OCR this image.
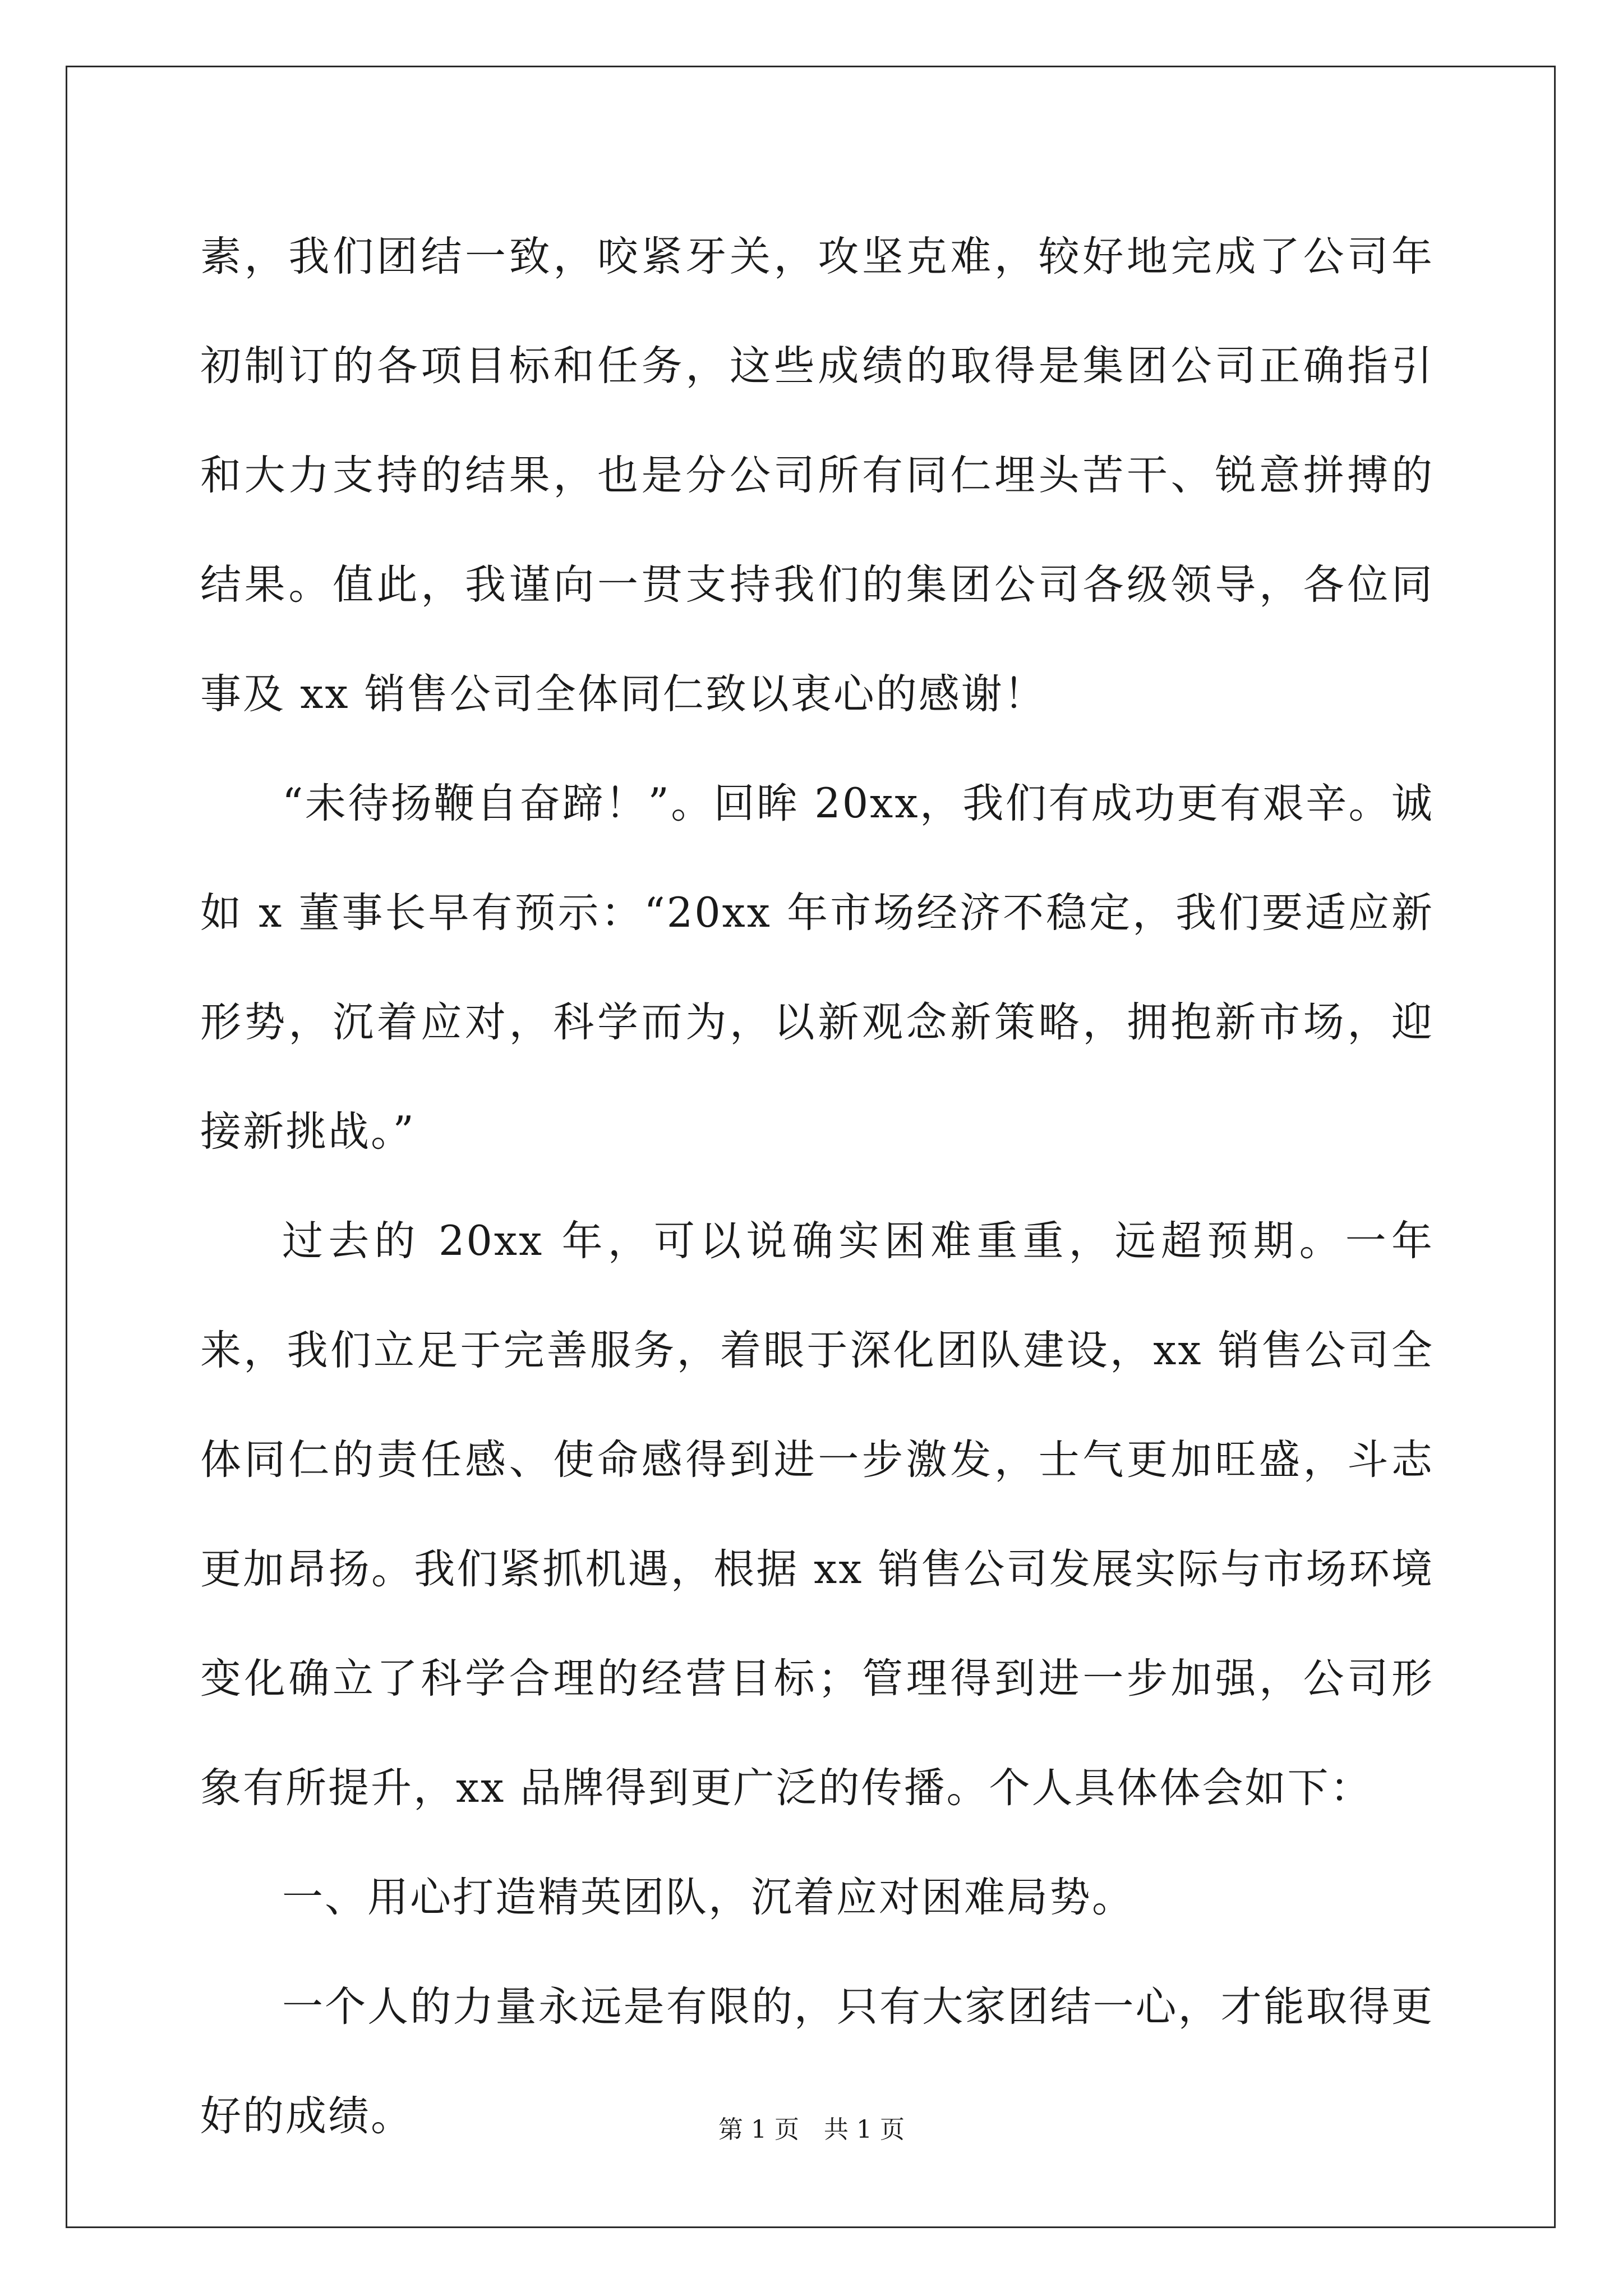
素，我们团结一致，咬紧牙关，攻坚克难，较好地完成了公司年初制订的各项目标和任务，这些成绩的取得是集团公司正确指引和大力支持的结果，也是分公司所有同仁埋头苦干、锐意拼搏的结果。值此，我谨向一贯支持我们的集团公司各级领导，各位同事及 xx 销售公司全体同仁致以衷心的感谢！

“未待扬鞭自奋蹄！”。回眸 20xx，我们有成功更有艰辛。诚如 x 董事长早有预示：“20xx 年市场经济不稳定，我们要适应新形势，沉着应对，科学而为，以新观念新策略，拥抱新市场，迎接新挑战。”

过去的 20xx 年，可以说确实困难重重，远超预期。一年来，我们立足于完善服务，着眼于深化团队建设，xx 销售公司全体同仁的责任感、使命感得到进一步激发，士气更加旺盛，斗志更加昂扬。我们紧抓机遇，根据 xx 销售公司发展实际与市场环境变化确立了科学合理的经营目标；管理得到进一步加强，公司形象有所提升，xx 品牌得到更广泛的传播。个人具体体会如下：

一、用心打造精英团队，沉着应对困难局势。

一个人的力量永远是有限的，只有大家团结一心，才能取得更好的成绩。	第 1 页　共 1 页
